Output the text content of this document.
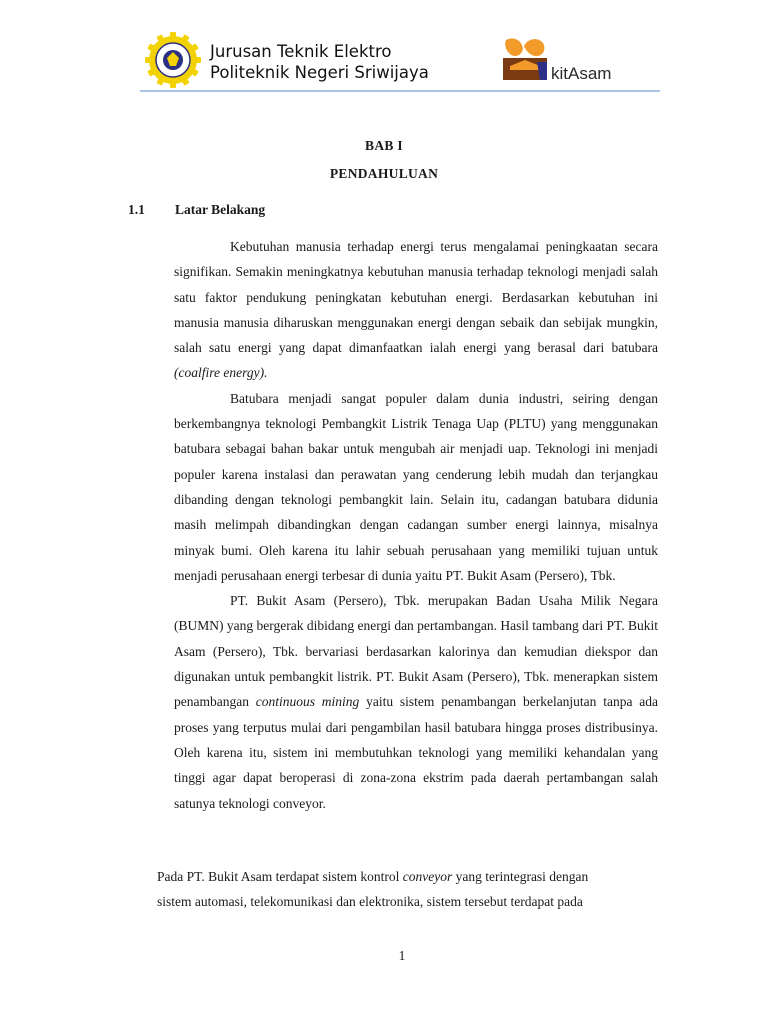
Jurusan Teknik Elektro
Politeknik Negeri Sriwijaya	kitAsam
BAB I
PENDAHULUAN
1.1 Latar Belakang

Kebutuhan manusia terhadap energi terus mengalamai peningkaatan secara signifikan. Semakin meningkatnya kebutuhan manusia terhadap teknologi menjadi salah satu faktor pendukung peningkatan kebutuhan energi. Berdasarkan kebutuhan ini manusia manusia diharuskan menggunakan energi dengan sebaik dan sebijak mungkin, salah satu energi yang dapat dimanfaatkan ialah energi yang berasal dari batubara (coalfire energy).

Batubara menjadi sangat populer dalam dunia industri, seiring dengan berkembangnya teknologi Pembangkit Listrik Tenaga Uap (PLTU) yang menggunakan batubara sebagai bahan bakar untuk mengubah air menjadi uap. Teknologi ini menjadi populer karena instalasi dan perawatan yang cenderung lebih mudah dan terjangkau dibanding dengan teknologi pembangkit lain. Selain itu, cadangan batubara didunia masih melimpah dibandingkan dengan cadangan sumber energi lainnya, misalnya minyak bumi. Oleh karena itu lahir sebuah perusahaan yang memiliki tujuan untuk menjadi perusahaan energi terbesar di dunia yaitu PT. Bukit Asam (Persero), Tbk.

PT. Bukit Asam (Persero), Tbk. merupakan Badan Usaha Milik Negara (BUMN) yang bergerak dibidang energi dan pertambangan. Hasil tambang dari PT. Bukit Asam (Persero), Tbk. bervariasi berdasarkan kalorinya dan kemudian diekspor dan digunakan untuk pembangkit listrik. PT. Bukit Asam (Persero), Tbk. menerapkan sistem penambangan continuous mining yaitu sistem penambangan berkelanjutan tanpa ada proses yang terputus mulai dari pengambilan hasil batubara hingga proses distribusinya. Oleh karena itu, sistem ini membutuhkan teknologi yang memiliki kehandalan yang tinggi agar dapat beroperasi di zona-zona ekstrim pada daerah pertambangan salah satunya teknologi conveyor.

Pada PT. Bukit Asam terdapat sistem kontrol conveyor yang terintegrasi dengan
sistem automasi, telekomunikasi dan elektronika, sistem tersebut terdapat pada
1
